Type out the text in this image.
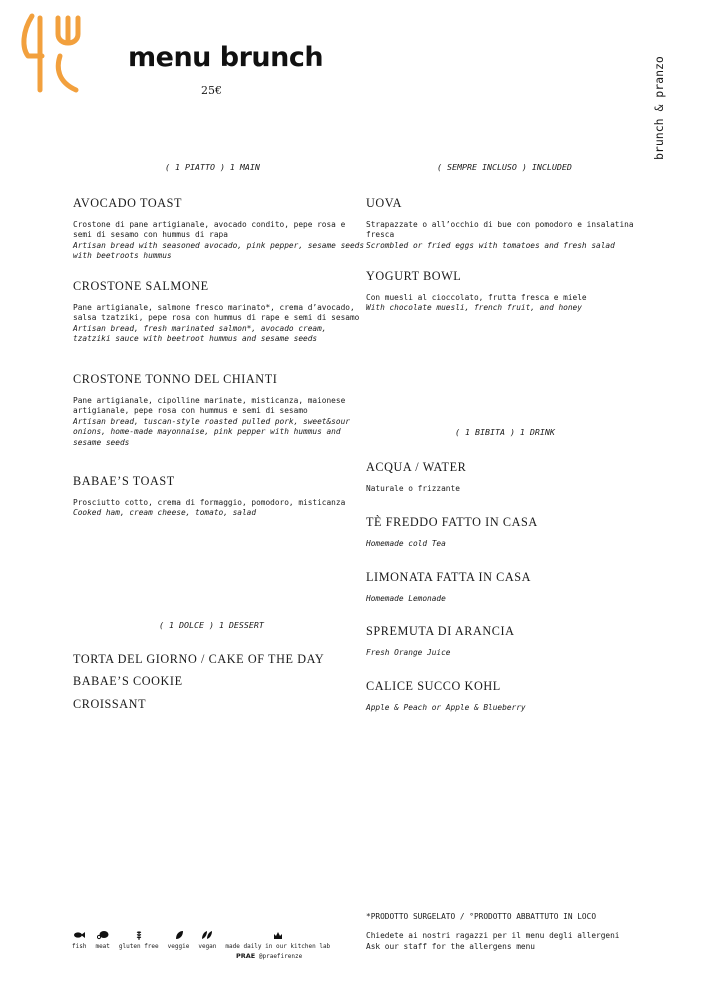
menu brunch
25€	brunch & pranzo
( 1 PIATTO ) 1 MAIN	( SEMPRE INCLUSO ) INCLUDED
( 1 BIBITA ) 1 DRINK
( 1 DOLCE ) 1 DESSERT
AVOCADO TOAST
Crostone di pane artigianale, avocado condito, pepe rosa e semi di sesamo con hummus di rapa
Artisan bread with seasoned avocado, pink pepper, sesame seeds with beetroots hummus
CROSTONE SALMONE
Pane artigianale, salmone fresco marinato*, crema d’avocado, salsa tzatziki, pepe rosa con hummus di rape e semi di sesamo
Artisan bread, fresh marinated salmon*, avocado cream, tzatziki sauce with beetroot hummus and sesame seeds
CROSTONE TONNO DEL CHIANTI
Pane artigianale, cipolline marinate, misticanza, maionese artigianale, pepe rosa con hummus e semi di sesamo
Artisan bread, tuscan-style roasted pulled pork, sweet&sour onions, home-made mayonnaise, pink pepper with hummus and sesame seeds
BABAE’S TOAST
Prosciutto cotto, crema di formaggio, pomodoro, misticanza
Cooked ham, cream cheese, tomato, salad
UOVA
Strapazzate o all’occhio di bue con pomodoro e insalatina fresca
Scrombled or fried eggs with tomatoes and fresh salad
YOGURT BOWL
Con muesli al cioccolato, frutta fresca e miele
With chocolate muesli, french fruit, and honey
ACQUA / WATER
Naturale o frizzante
TÈ FREDDO FATTO IN CASA
Homemade cold Tea
LIMONATA FATTA IN CASA
Homemade Lemonade
SPREMUTA DI ARANCIA
Fresh Orange Juice
CALICE SUCCO KOHL
Apple & Peach or Apple & Blueberry
TORTA DEL GIORNO / CAKE OF THE DAY
BABAE’S COOKIE
CROISSANT
*PRODOTTO SURGELATO / °PRODOTTO ABBATTUTO IN LOCO
Chiedete ai nostri ragazzi per il menu degli allergeni
Ask our staff for the allergens menu
fish meat gluten free veggie vegan made daily in our kitchen lab
PRAE @praefirenze
